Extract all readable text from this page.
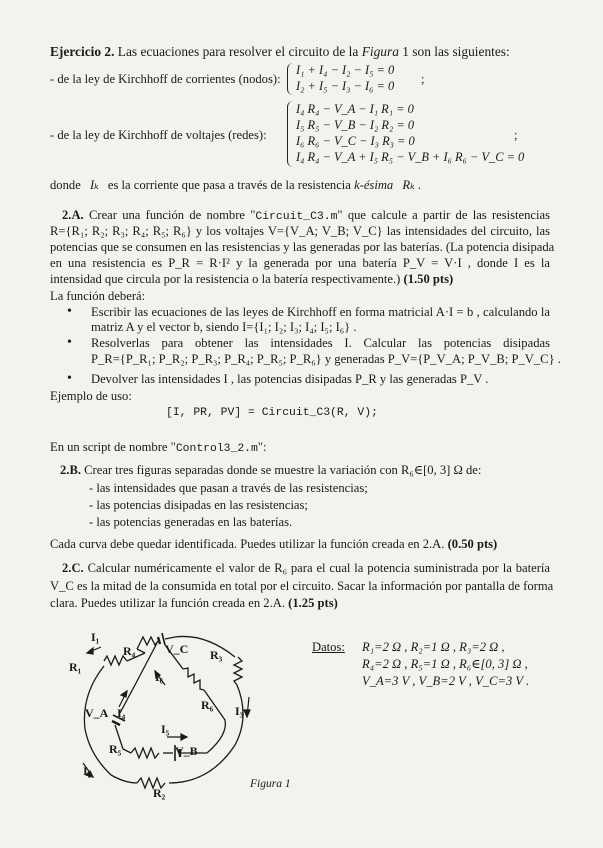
Ejercicio 2. Las ecuaciones para resolver el circuito de la Figura 1 son las siguientes:
- de la ley de Kirchhoff de corrientes (nodos):
I₁ + I₄ − I₂ − I₅ = 0
I₂ + I₅ − I₃ − I₆ = 0 ;
- de la ley de Kirchhoff de voltajes (redes):
I₄ R₄ − V_A − I₁ R₁ = 0
I₅ R₅ − V_B − I₂ R₂ = 0
I₆ R₆ − V_C − I₃ R₃ = 0
I₄ R₄ − V_A + I₅ R₅ − V_B + I₆ R₆ − V_C = 0
;
donde Iₖ es la corriente que pasa a través de la resistencia k-ésima Rₖ .
2.A. Crear una función de nombre "Circuit_C3.m" que calcule a partir de las resistencias
R={R₁; R₂; R₃; R₄; R₅; R₆} y los voltajes V={V_A; V_B; V_C} las intensidades del circuito, las
potencias que se consumen en las resistencias y las generadas por las baterías. (La potencia disipada
en una resistencia es P_R = R·I² y la generada por una batería P_V = V·I , donde I es la
intensidad que circula por la resistencia o la batería respectivamente.) (1.50 pts)
La función deberá:
• Escribir las ecuaciones de las leyes de Kirchhoff en forma matricial A·I = b , calculando la
matriz A y el vector b, siendo I={I₁; I₂; I₃; I₄; I₅; I₆} .
• Resolverlas para obtener las intensidades I. Calcular las potencias disipadas
P_R={P_R₁; P_R₂; P_R₃; P_R₄; P_R₅; P_R₆} y generadas P_V={P_V_A; P_V_B; P_V_C} .
• Devolver las intensidades I , las potencias disipadas P_R y las generadas P_V .
Ejemplo de uso:
[I, PR, PV] = Circuit_C3(R, V);
En un script de nombre "Control3_2.m":
2.B. Crear tres figuras separadas donde se muestre la variación con R₆∈[0, 3] Ω de:
- las intensidades que pasan a través de las resistencias;
- las potencias disipadas en las resistencias;
- las potencias generadas en las baterías.
Cada curva debe quedar identificada. Puedes utilizar la función creada en 2.A. (0.50 pts)
2.C. Calcular numéricamente el valor de R₆ para el cual la potencia suministrada por la batería
V_C es la mitad de la consumida en total por el circuito. Sacar la información por pantalla de forma
clara. Puedes utilizar la función creada en 2.A. (1.25 pts)
Datos: R₁=2 Ω , R₂=1 Ω , R₃=2 Ω ,
R₄=2 Ω , R₅=1 Ω , R₆∈[0, 3] Ω ,
V_A=3 V , V_B=2 V , V_C=3 V .
Figura 1
I₁
R₁
R₄ V_C R₃
I₆
V_A I₄
R₆ I₃
I₅
R₅	V_B
I₂
R₂
